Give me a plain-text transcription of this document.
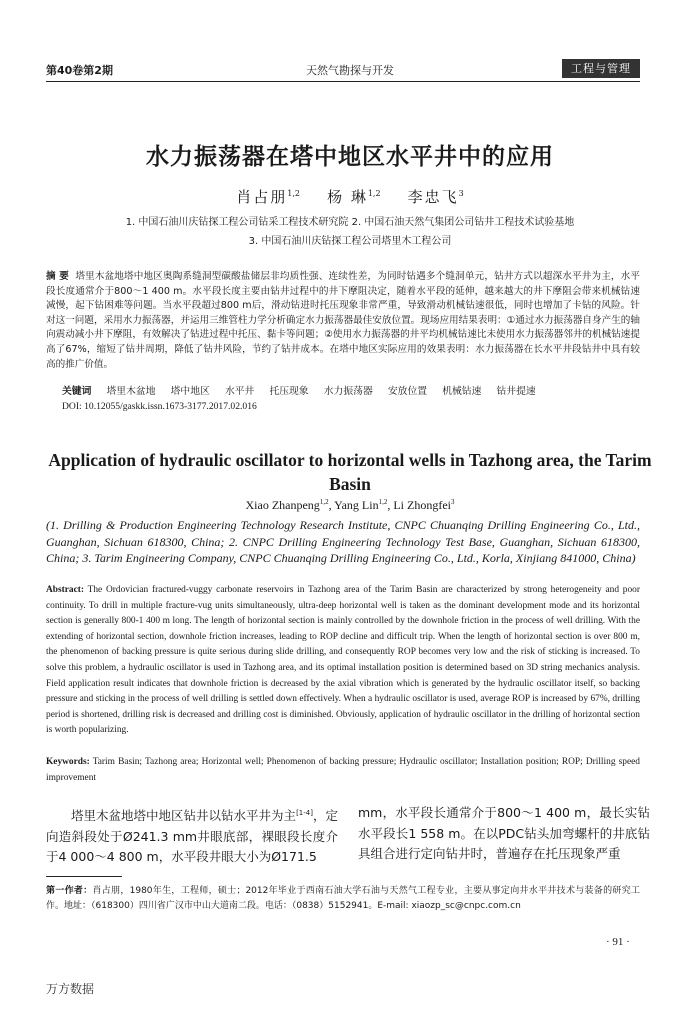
第40卷第2期	天然气勘探与开发	工程与管理
水力振荡器在塔中地区水平井中的应用
肖占朋$^{1,2}$ 杨 琳$^{1,2}$ 李忠飞$^3$
1. 中国石油川庆钻探工程公司钻采工程技术研究院 2. 中国石油天然气集团公司钻井工程技术试验基地
3. 中国石油川庆钻探工程公司塔里木工程公司
摘 要 塔里木盆地塔中地区奥陶系缝洞型碳酸盐储层非均质性强、连续性差，为同时钻遇多个缝洞单元，钻井方式以超深水平井为主，水平段长度通常介于800～1 400 m。水平段长度主要由钻井过程中的井下摩阻决定，随着水平段的延伸，越来越大的井下摩阻会带来机械钻速减慢，起下钻困难等问题。当水平段超过800 m后，滑动钻进时托压现象非常严重，导致滑动机械钻速很低，同时也增加了卡钻的风险。针对这一问题，采用水力振荡器，并运用三维管柱力学分析确定水力振荡器最佳安放位置。现场应用结果表明：①通过水力振荡器自身产生的轴向震动减小井下摩阻，有效解决了钻进过程中托压、黏卡等问题；②使用水力振荡器的井平均机械钻速比未使用水力振荡器邻井的机械钻速提高了67%，缩短了钻井周期，降低了钻井风险，节约了钻井成本。在塔中地区实际应用的效果表明：水力振荡器在长水平井段钻井中具有较高的推广价值。
关键词 塔里木盆地 塔中地区 水平井 托压现象 水力振荡器 安放位置 机械钻速 钻井提速
DOI: 10.12055/gaskk.issn.1673-3177.2017.02.016
Application of hydraulic oscillator to horizontal wells in Tazhong area, the Tarim Basin
Xiao Zhanpeng$^{1,2}$, Yang Lin$^{1,2}$, Li Zhongfei$^3$
(1. Drilling & Production Engineering Technology Research Institute, CNPC Chuanqing Drilling Engineering Co., Ltd., Guanghan, Sichuan 618300, China; 2. CNPC Drilling Engineering Technology Test Base, Guanghan, Sichuan 618300, China; 3. Tarim Engineering Company, CNPC Chuanqing Drilling Engineering Co., Ltd., Korla, Xinjiang 841000, China)
Abstract: The Ordovician fractured-vuggy carbonate reservoirs in Tazhong area of the Tarim Basin are characterized by strong heterogeneity and poor continuity. To drill in multiple fracture-vug units simultaneously, ultra-deep horizontal well is taken as the dominant development mode and its horizontal section is generally 800-1 400 m long. The length of horizontal section is mainly controlled by the downhole friction in the process of well drilling. With the extending of horizontal section, downhole friction increases, leading to ROP decline and difficult trip. When the length of horizontal section is over 800 m, the phenomenon of backing pressure is quite serious during slide drilling, and consequently ROP becomes very low and the risk of sticking is increased. To solve this problem, a hydraulic oscillator is used in Tazhong area, and its optimal installation position is determined based on 3D string mechanics analysis. Field application result indicates that downhole friction is decreased by the axial vibration which is generated by the hydraulic oscillator itself, so backing pressure and sticking in the process of well drilling is settled down effectively. When a hydraulic oscillator is used, average ROP is increased by 67%, drilling period is shortened, drilling risk is decreased and drilling cost is diminished. Obviously, application of hydraulic oscillator in the drilling of horizontal section is worth popularizing.
Keywords: Tarim Basin; Tazhong area; Horizontal well; Phenomenon of backing pressure; Hydraulic oscillator; Installation position; ROP; Drilling speed improvement
塔里木盆地塔中地区钻井以钻水平井为主[1-4]，定向造斜段处于Ø241.3 mm井眼底部，裸眼段长度介于4 000～4 800 m，水平段井眼大小为Ø171.5
mm，水平段长通常介于800～1 400 m，最长实钻水平段长1 558 m。在以PDC钻头加弯螺杆的井底钻具组合进行定向钻井时，普遍存在托压现象严重
第一作者：肖占朋，1980年生，工程师，硕士；2012年毕业于西南石油大学石油与天然气工程专业，主要从事定向井水平井技术与装备的研究工作。地址：（618300）四川省广汉市中山大道南二段。电话：（0838）5152941。E-mail: xiaozp_sc@cnpc.com.cn
· 91 ·
万方数据
